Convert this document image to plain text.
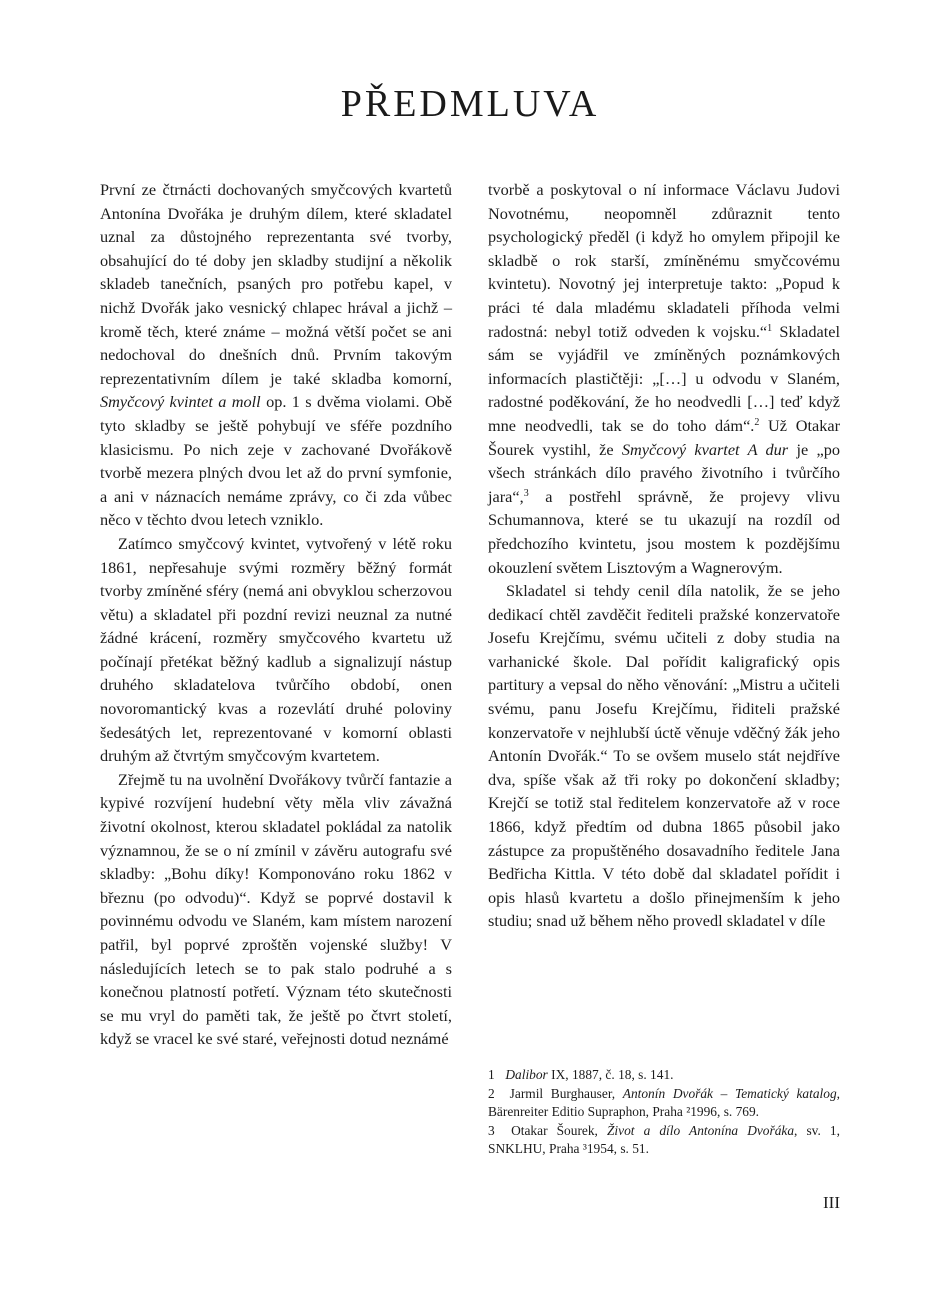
PŘEDMLUVA

První ze čtrnácti dochovaných smyčcových kvartetů Antonína Dvořáka je druhým dílem, které skladatel uznal za důstojného reprezentanta své tvorby, obsahující do té doby jen skladby studijní a několik skladeb tanečních, psaných pro potřebu kapel, v nichž Dvořák jako vesnický chlapec hrával a jichž – kromě těch, které známe – možná větší počet se ani nedochoval do dnešních dnů. Prvním takovým reprezentativním dílem je také skladba komorní, Smyčcový kvintet a moll op. 1 s dvěma violami. Obě tyto skladby se ještě pohybují ve sféře pozdního klasicismu. Po nich zeje v zachované Dvořákově tvorbě mezera plných dvou let až do první symfonie, a ani v náznacích nemáme zprávy, co či zda vůbec něco v těchto dvou letech vzniklo.

Zatímco smyčcový kvintet, vytvořený v létě roku 1861, nepřesahuje svými rozměry běžný formát tvorby zmíněné sféry (nemá ani obvyklou scherzovou větu) a skladatel při pozdní revizi neuznal za nutné žádné krácení, rozměry smyčcového kvartetu už počínají přetékat běžný kadlub a signalizují nástup druhého skladatelova tvůrčího období, onen novoromantický kvas a rozevlátí druhé poloviny šedesátých let, reprezentované v komorní oblasti druhým až čtvrtým smyčcovým kvartetem.

Zřejmě tu na uvolnění Dvořákovy tvůrčí fantazie a kypivé rozvíjení hudební věty měla vliv závažná životní okolnost, kterou skladatel pokládal za natolik významnou, že se o ní zmínil v závěru autografu své skladby: „Bohu díky! Komponováno roku 1862 v březnu (po odvodu)“. Když se poprvé dostavil k povinnému odvodu ve Slaném, kam místem narození patřil, byl poprvé zproštěn vojenské služby! V následujících letech se to pak stalo podruhé a s konečnou platností potřetí. Význam této skutečnosti se mu vryl do paměti tak, že ještě po čtvrt století, když se vracel ke své staré, veřejnosti dotud neznámé

tvorbě a poskytoval o ní informace Václavu Judovi Novotnému, neopomněl zdůraznit tento psychologický předěl (i když ho omylem připojil ke skladbě o rok starší, zmíněnému smyčcovému kvintetu). Novotný jej interpretuje takto: „Popud k práci té dala mladému skladateli příhoda velmi radostná: nebyl totiž odveden k vojsku.“$^1$ Skladatel sám se vyjádřil ve zmíněných poznámkových informacích plastičtěji: „[…] u odvodu v Slaném, radostné poděkování, že ho neodvedli […] teď když mne neodvedli, tak se do toho dám“.$^2$ Už Otakar Šourek vystihl, že Smyčcový kvartet A dur je „po všech stránkách dílo pravého životního i tvůrčího jara“,$^3$ a postřehl správně, že projevy vlivu Schumannova, které se tu ukazují na rozdíl od předchozího kvintetu, jsou mostem k pozdějšímu okouzlení světem Lisztovým a Wagnerovým.

Skladatel si tehdy cenil díla natolik, že se jeho dedikací chtěl zavděčit řediteli pražské konzervatoře Josefu Krejčímu, svému učiteli z doby studia na varhanické škole. Dal pořídit kaligrafický opis partitury a vepsal do něho věnování: „Mistru a učiteli svému, panu Josefu Krejčímu, řiditeli pražské konzervatoře v nejhlubší úctě věnuje vděčný žák jeho Antonín Dvořák.“ To se ovšem muselo stát nejdříve dva, spíše však až tři roky po dokončení skladby; Krejčí se totiž stal ředitelem konzervatoře až v roce 1866, když předtím od dubna 1865 působil jako zástupce za propuštěného dosavadního ředitele Jana Bedřicha Kittla. V této době dal skladatel pořídit i opis hlasů kvartetu a došlo přinejmenším k jeho studiu; snad už během něho provedl skladatel v díle

1 Dalibor IX, 1887, č. 18, s. 141.

2 Jarmil Burghauser, Antonín Dvořák – Tematický katalog, Bärenreiter Editio Supraphon, Praha ²1996, s. 769.

3 Otakar Šourek, Život a dílo Antonína Dvořáka, sv. 1, SNKLHU, Praha ³1954, s. 51.

III
